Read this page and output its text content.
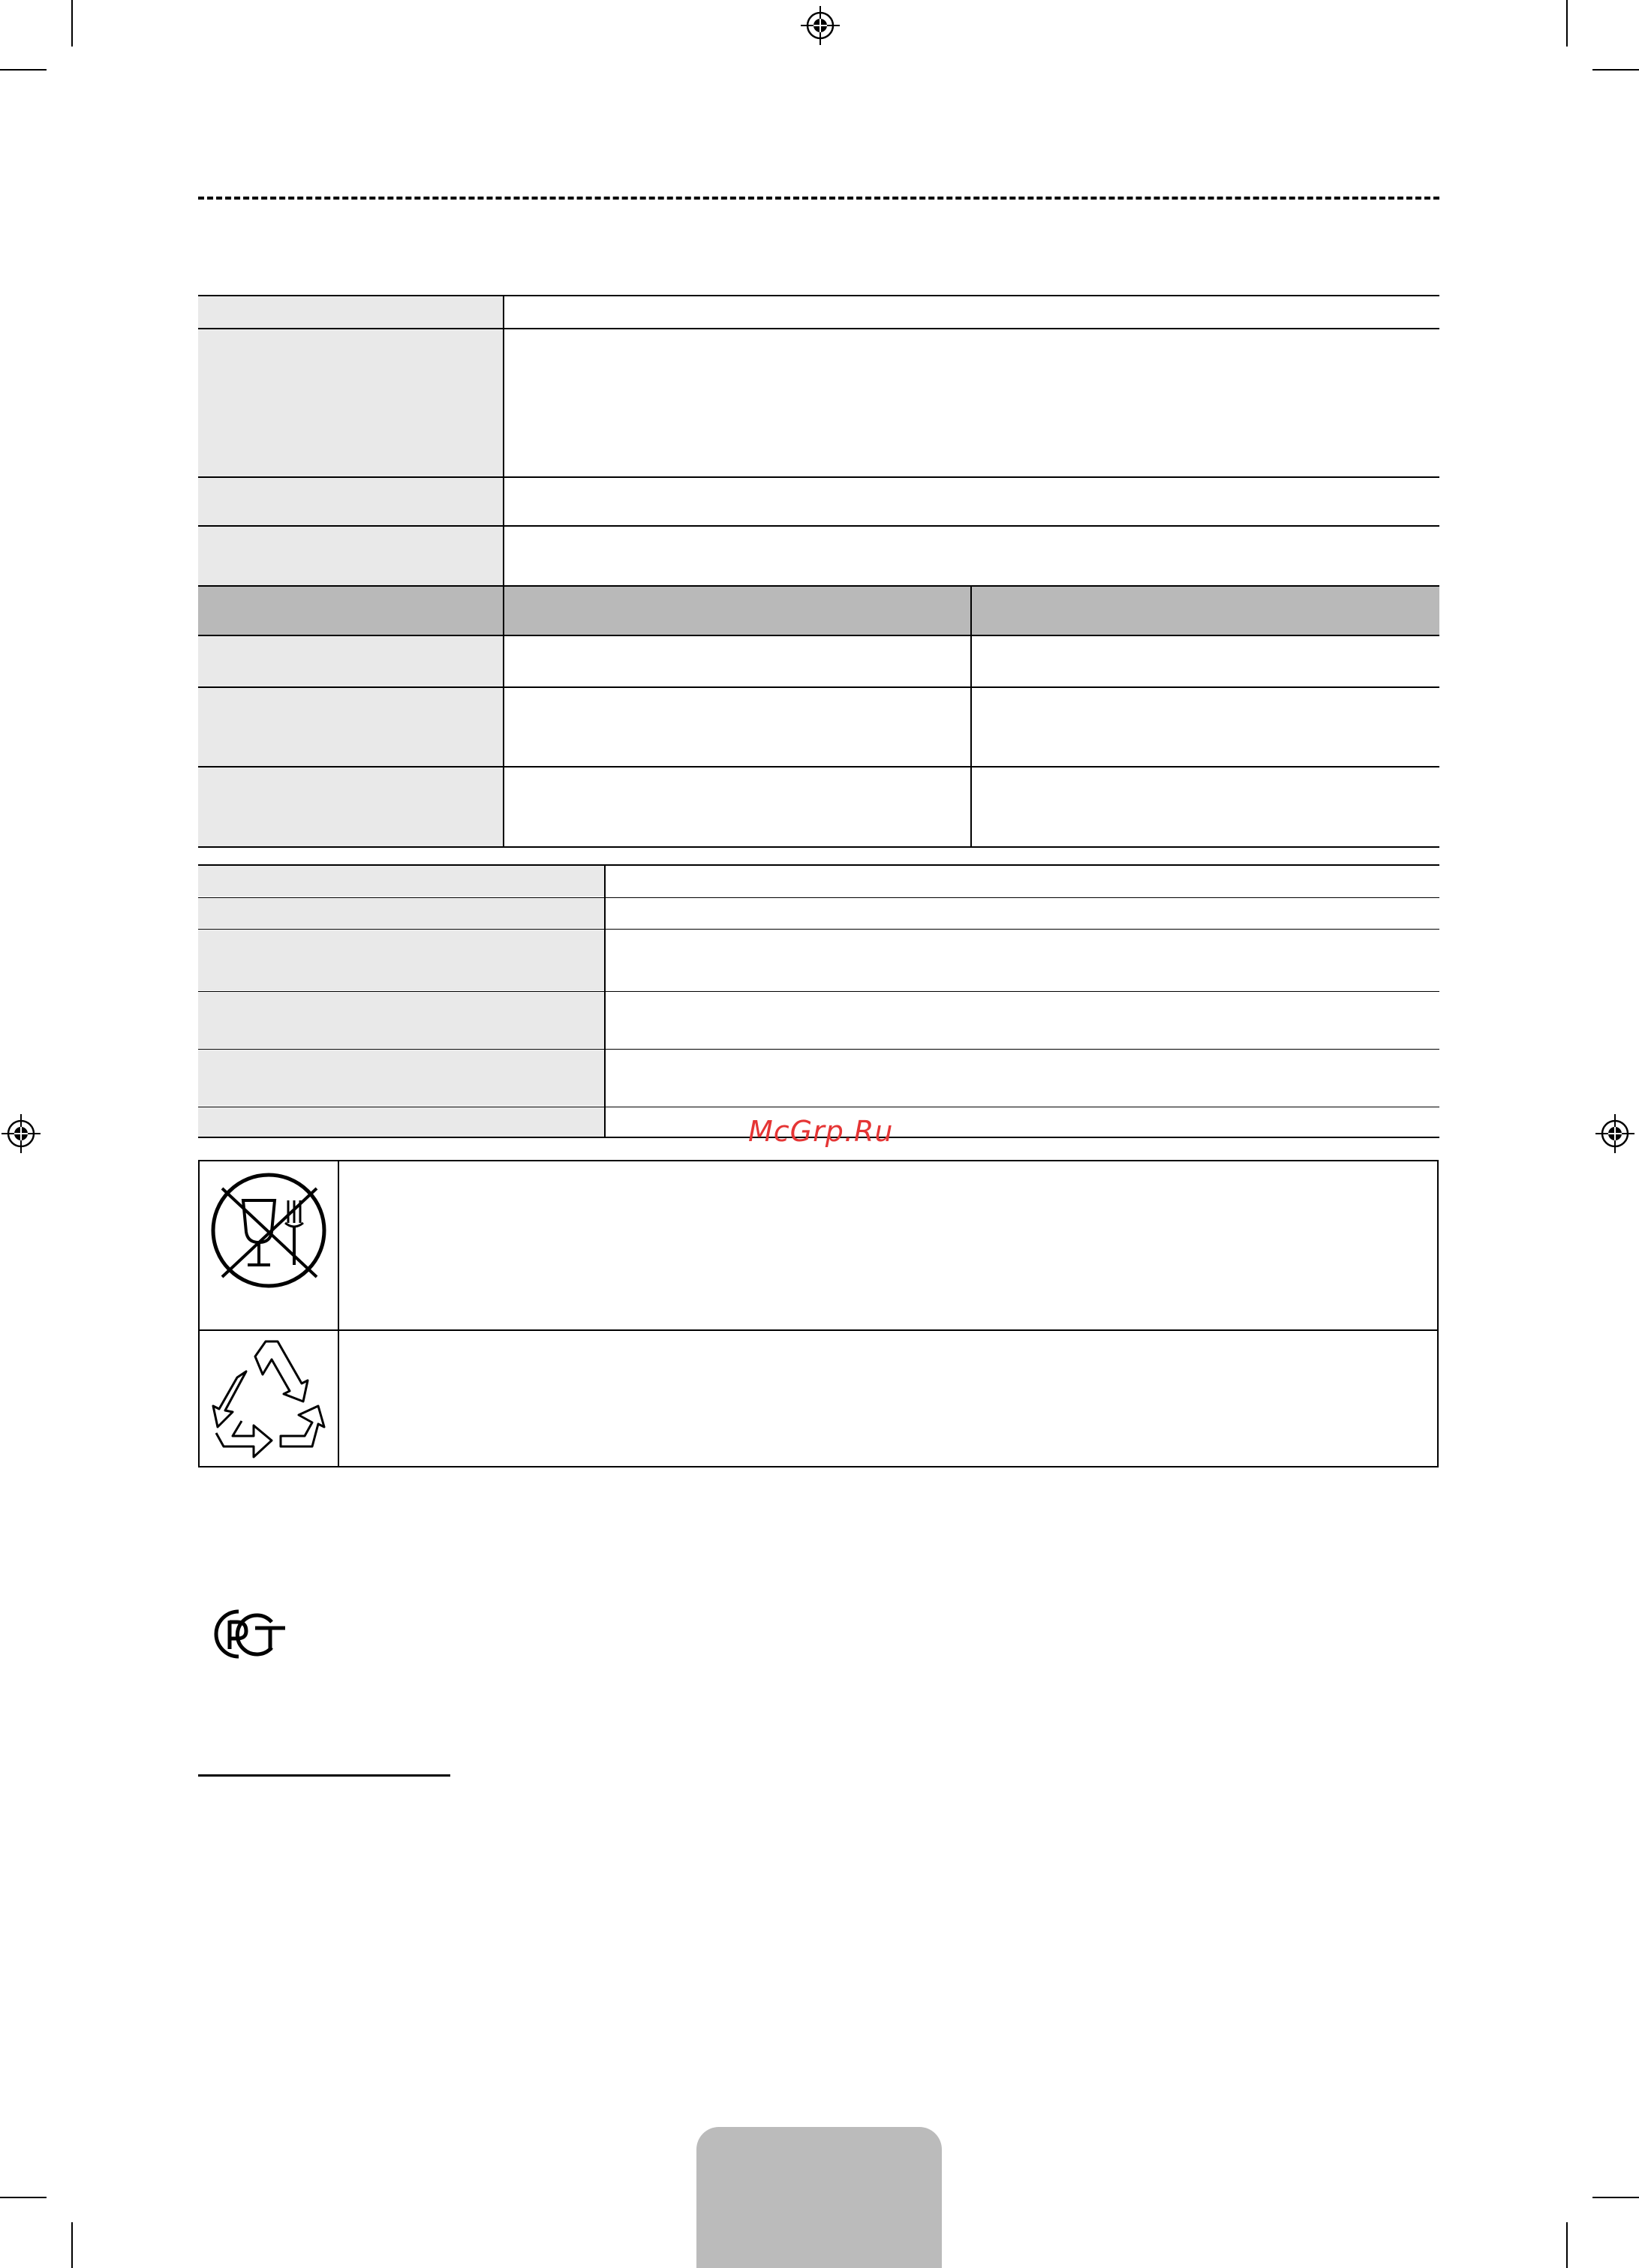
McGrp.Ru
PCT
